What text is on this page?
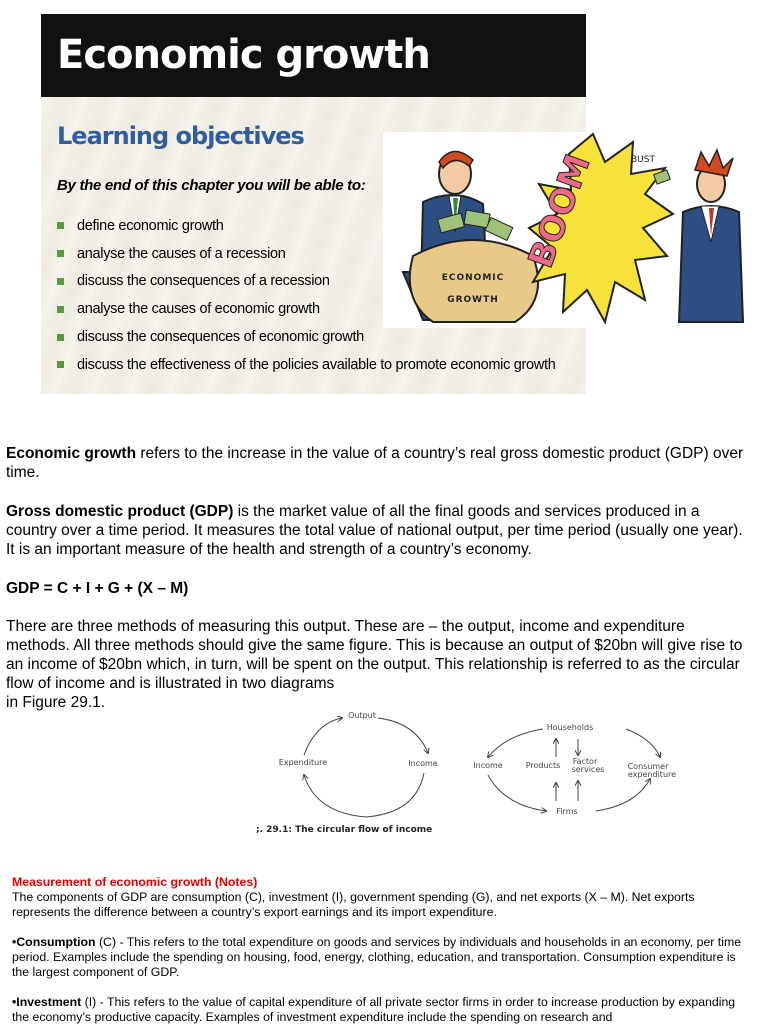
Economic growth
Learning objectives
By the end of this chapter you will be able to:
define economic growth
analyse the causes of a recession
discuss the consequences of a recession
analyse the causes of economic growth
discuss the consequences of economic growth
discuss the effectiveness of the policies available to promote economic growth
ECONOMIC
GROWTH
BOOM	BUST
Economic growth refers to the increase in the value of a country’s real gross domestic product (GDP) over time.
Gross domestic product (GDP) is the market value of all the final goods and services produced in a country over a time period. It measures the total value of national output, per time period (usually one year). It is an important measure of the health and strength of a country’s economy.
GDP = C + I + G + (X – M)
There are three methods of measuring this output. These are – the output, income and expenditure methods. All three methods should give the same figure. This is because an output of $20bn will give rise to an income of $20bn which, in turn, will be spent on the output. This relationship is referred to as the circular flow of income and is illustrated in two diagrams
in Figure 29.1.
Output
Expenditure	Income
Households
Income	Products Factor
services	Consumer
expenditure
Firms
;. 29.1: The circular flow of income
Measurement of economic growth (Notes)
The components of GDP are consumption (C), investment (I), government spending (G), and net exports (X – M). Net exports represents the difference between a country’s export earnings and its import expenditure.
•Consumption (C) - This refers to the total expenditure on goods and services by individuals and households in an economy, per time period. Examples include the spending on housing, food, energy, clothing, education, and transportation. Consumption expenditure is the largest component of GDP.
•Investment (I) - This refers to the value of capital expenditure of all private sector firms in order to increase production by expanding the economy’s productive capacity. Examples of investment expenditure include the spending on research and
